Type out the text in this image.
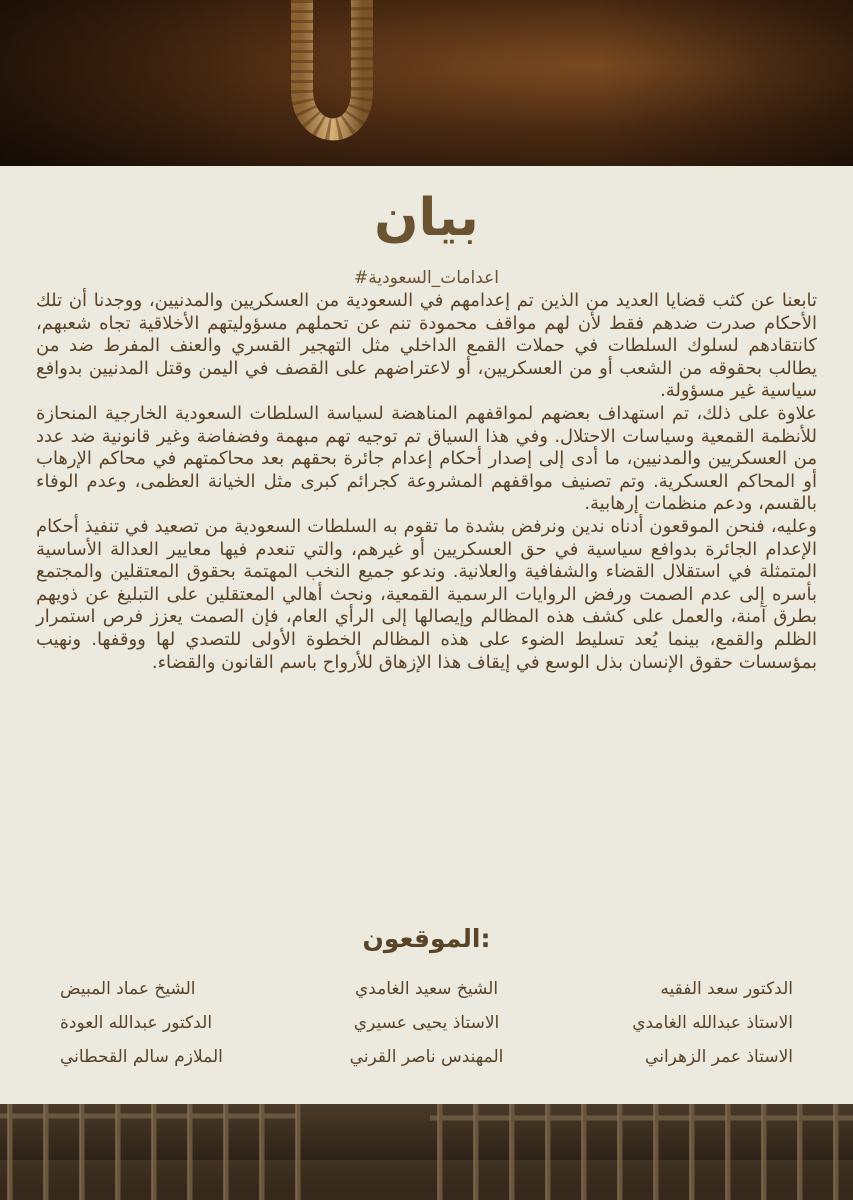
بيان
#اعدامات_السعودية

تابعنا عن كثب قضايا العديد من الذين تم إعدامهم في السعودية من العسكريين والمدنيين، ووجدنا أن تلك الأحكام صدرت ضدهم فقط لأن لهم مواقف محمودة تنم عن تحملهم مسؤوليتهم الأخلاقية تجاه شعبهم، كانتقادهم لسلوك السلطات في حملات القمع الداخلي مثل التهجير القسري والعنف المفرط ضد من يطالب بحقوقه من الشعب أو من العسكريين، أو لاعتراضهم على القصف في اليمن وقتل المدنيين بدوافع سياسية غير مسؤولة.

علاوة على ذلك، تم استهداف بعضهم لمواقفهم المناهضة لسياسة السلطات السعودية الخارجية المنحازة للأنظمة القمعية وسياسات الاحتلال. وفي هذا السياق تم توجيه تهم مبهمة وفضفاضة وغير قانونية ضد عدد من العسكريين والمدنيين، ما أدى إلى إصدار أحكام إعدام جائرة بحقهم بعد محاكمتهم في محاكم الإرهاب أو المحاكم العسكرية. وتم تصنيف مواقفهم المشروعة كجرائم كبرى مثل الخيانة العظمى، وعدم الوفاء بالقسم، ودعم منظمات إرهابية.

وعليه، فنحن الموقعون أدناه ندين ونرفض بشدة ما تقوم به السلطات السعودية من تصعيد في تنفيذ أحكام الإعدام الجائرة بدوافع سياسية في حق العسكريين أو غيرهم، والتي تنعدم فيها معايير العدالة الأساسية المتمثلة في استقلال القضاء والشفافية والعلانية. وندعو جميع النخب المهتمة بحقوق المعتقلين والمجتمع بأسره إلى عدم الصمت ورفض الروايات الرسمية القمعية، ونحث أهالي المعتقلين على التبليغ عن ذويهم بطرق آمنة، والعمل على كشف هذه المظالم وإيصالها إلى الرأي العام، فإن الصمت يعزز فرص استمرار الظلم والقمع، بينما يُعد تسليط الضوء على هذه المظالم الخطوة الأولى للتصدي لها ووقفها. ونهيب بمؤسسات حقوق الإنسان بذل الوسع في إيقاف هذا الإزهاق للأرواح باسم القانون والقضاء.

الموقعون:
الدكتور سعد الفقيه
الشيخ سعيد الغامدي
الشيخ عماد المبيض
الاستاذ عبدالله الغامدي
الاستاذ يحيى عسيري
الدكتور عبدالله العودة
الاستاذ عمر الزهراني
المهندس ناصر القرني
الملازم سالم القحطاني
